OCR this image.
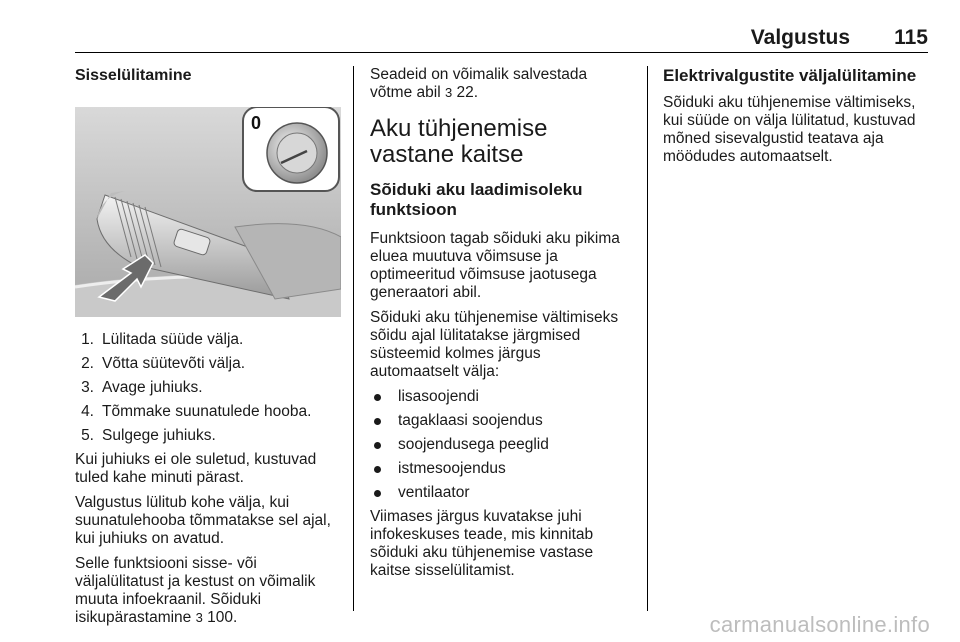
Valgustus 115
Sisselülitamine
0
1. Lülitada süüde välja.
2. Võtta süütevõti välja.
3. Avage juhiuks.
4. Tõmmake suunatulede hooba.
5. Sulgege juhiuks.

Kui juhiuks ei ole suletud, kustuvad tuled kahe minuti pärast.

Valgustus lülitub kohe välja, kui suunatulehooba tõmmatakse sel ajal, kui juhiuks on avatud.

Selle funktsiooni sisse- või väljalülitatust ja kestust on võimalik muuta infoekraanil. Sõiduki isikupärastamine 3 100.

Seadeid on võimalik salvestada võtme abil 3 22.

Aku tühjenemise vastane kaitse
Sõiduki aku laadimisoleku funktsioon

Funktsioon tagab sõiduki aku pikima eluea muutuva võimsuse ja optimeeritud võimsuse jaotusega generaatori abil.

Sõiduki aku tühjenemise vältimiseks sõidu ajal lülitatakse järgmised süsteemid kolmes järgus automaatselt välja:

lisasoojendi
tagaklaasi soojendus
soojendusega peeglid
istmesoojendus
ventilaator

Viimases järgus kuvatakse juhi infokeskuses teade, mis kinnitab sõiduki aku tühjenemise vastase kaitse sisselülitamist.

Elektrivalgustite väljalülitamine

Sõiduki aku tühjenemise vältimiseks, kui süüde on välja lülitatud, kustuvad mõned sisevalgustid teatava aja möödudes automaatselt.

carmanualsonline.info
